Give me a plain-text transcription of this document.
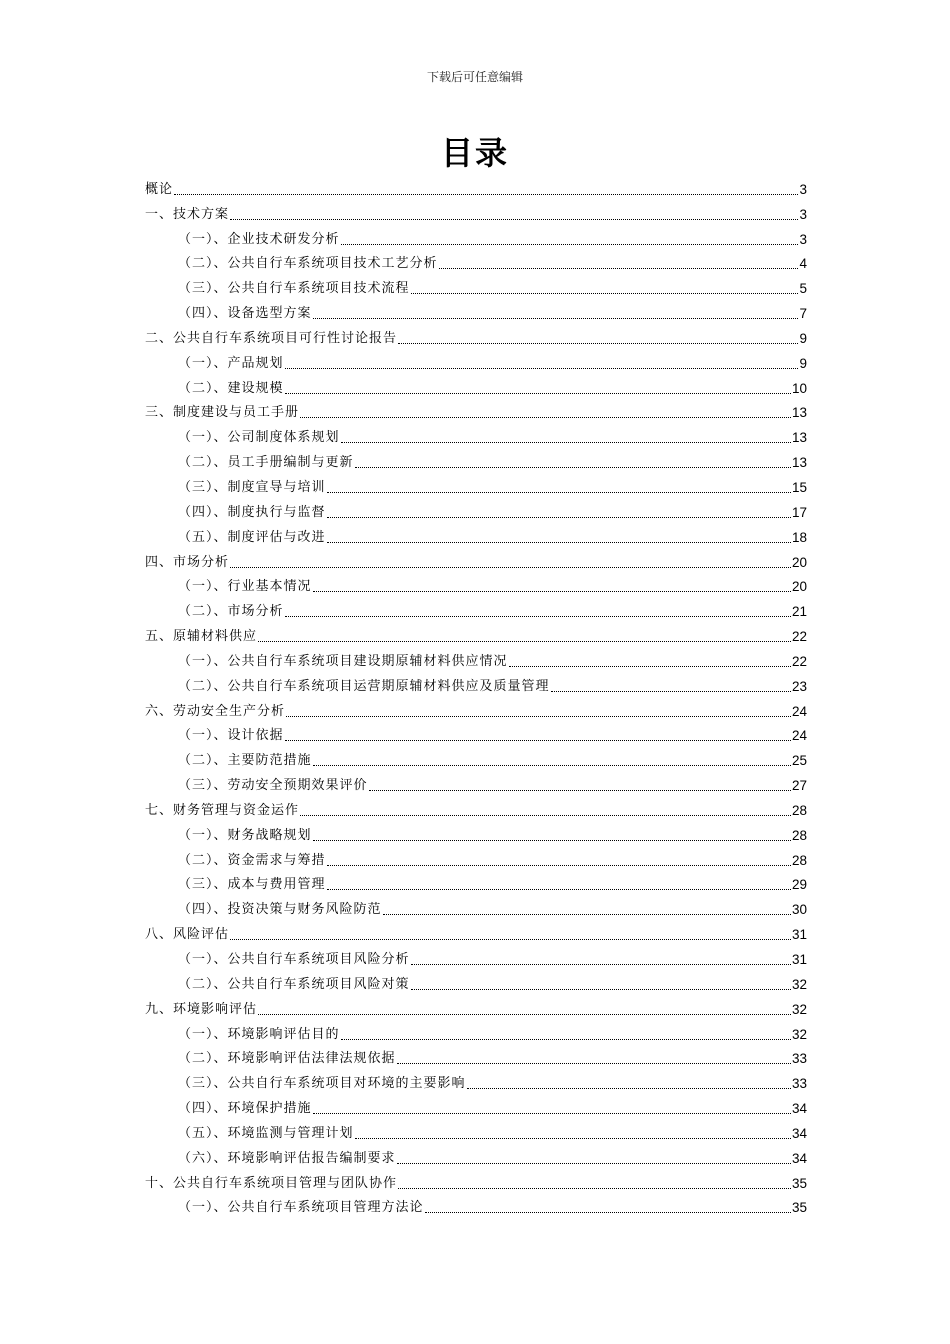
下载后可任意编辑
目录
概论	3
一、技术方案	3
（一）、企业技术研发分析	3
（二）、公共自行车系统项目技术工艺分析	4
（三）、公共自行车系统项目技术流程	5
（四）、设备选型方案	7
二、公共自行车系统项目可行性讨论报告	9
（一）、产品规划	9
（二）、建设规模	10
三、制度建设与员工手册	13
（一）、公司制度体系规划	13
（二）、员工手册编制与更新	13
（三）、制度宣导与培训	15
（四）、制度执行与监督	17
（五）、制度评估与改进	18
四、市场分析	20
（一）、行业基本情况	20
（二）、市场分析	21
五、原辅材料供应	22
（一）、公共自行车系统项目建设期原辅材料供应情况	22
（二）、公共自行车系统项目运营期原辅材料供应及质量管理	23
六、劳动安全生产分析	24
（一）、设计依据	24
（二）、主要防范措施	25
（三）、劳动安全预期效果评价	27
七、财务管理与资金运作	28
（一）、财务战略规划	28
（二）、资金需求与筹措	28
（三）、成本与费用管理	29
（四）、投资决策与财务风险防范	30
八、风险评估	31
（一）、公共自行车系统项目风险分析	31
（二）、公共自行车系统项目风险对策	32
九、环境影响评估	32
（一）、环境影响评估目的	32
（二）、环境影响评估法律法规依据	33
（三）、公共自行车系统项目对环境的主要影响	33
（四）、环境保护措施	34
（五）、环境监测与管理计划	34
（六）、环境影响评估报告编制要求	34
十、公共自行车系统项目管理与团队协作	35
（一）、公共自行车系统项目管理方法论	35
